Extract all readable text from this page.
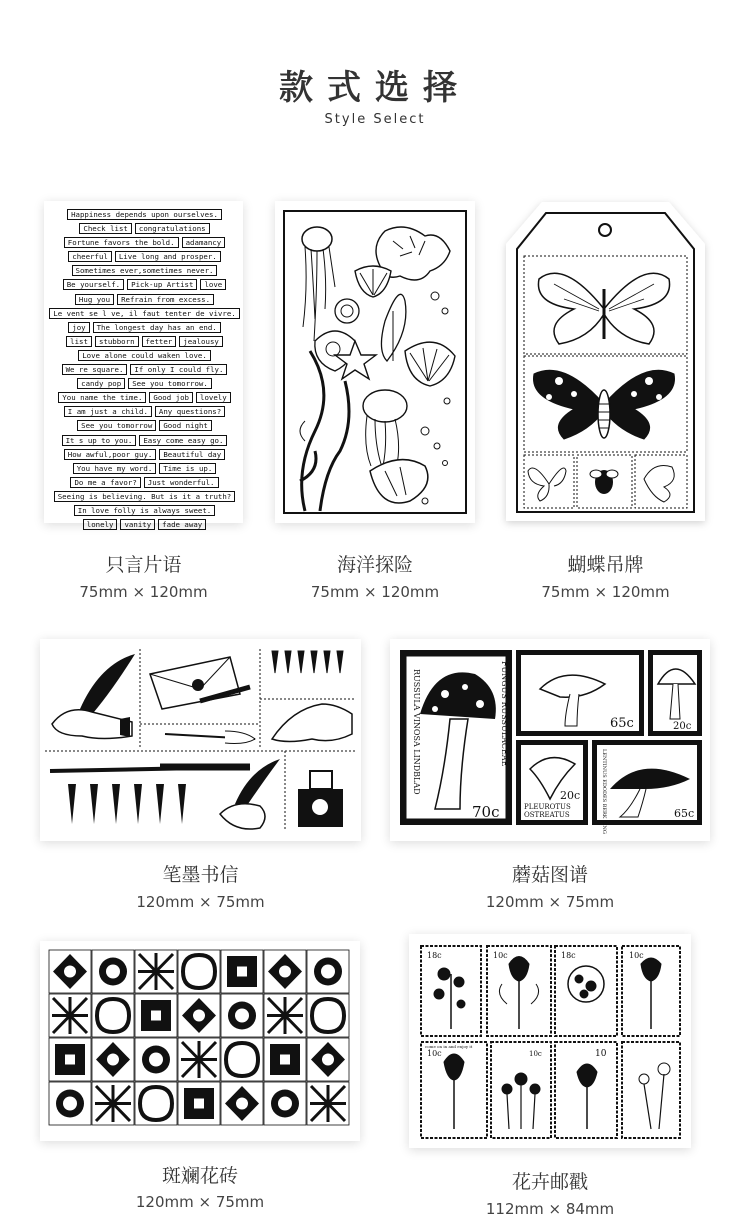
款式选择
Style Select
Happiness depends upon ourselves.
Check list	congratulations
Fortune favors the bold.	adamancy
cheerful	Live long and prosper.
Sometimes ever,sometimes never.
Be yourself.	Pick-up Artist	love
Hug you	Refrain from excess.
Le vent se l ve, il faut tenter de vivre.
joy	The longest day has an end.
list	stubborn	fetter	jealousy
Love alone could waken love.
We re square.	If only I could fly.
candy pop	See you tomorrow.
You name the time.	Good job	lovely
I am just a child.	Any questions?
See you tomorrow	Good night
It s up to you.	Easy come easy go.
How awful,poor guy.	Beautiful day
You have my word.	Time is up.
Do me a favor?	Just wonderful.
Seeing is believing. But is it a truth?
In love folly is always sweet.
lonely	vanity	fade away
只言片语
75mm × 120mm
海洋探险
75mm × 120mm
蝴蝶吊牌
75mm × 120mm
笔墨书信
120mm × 75mm
RUSSULA VINOSA LINDBLAD	FUNGUS RUSSULACEAE
70c
65c	20c
20c
PLEUROTUS
OSTREATUS	65c
LENTINUS EDODES BERK SING
蘑菇图谱
120mm × 75mm
斑斓花砖
120mm × 75mm
18c	10c	18c	10c
10c	10
10c
come on in and enjoy it
花卉邮戳
112mm × 84mm
